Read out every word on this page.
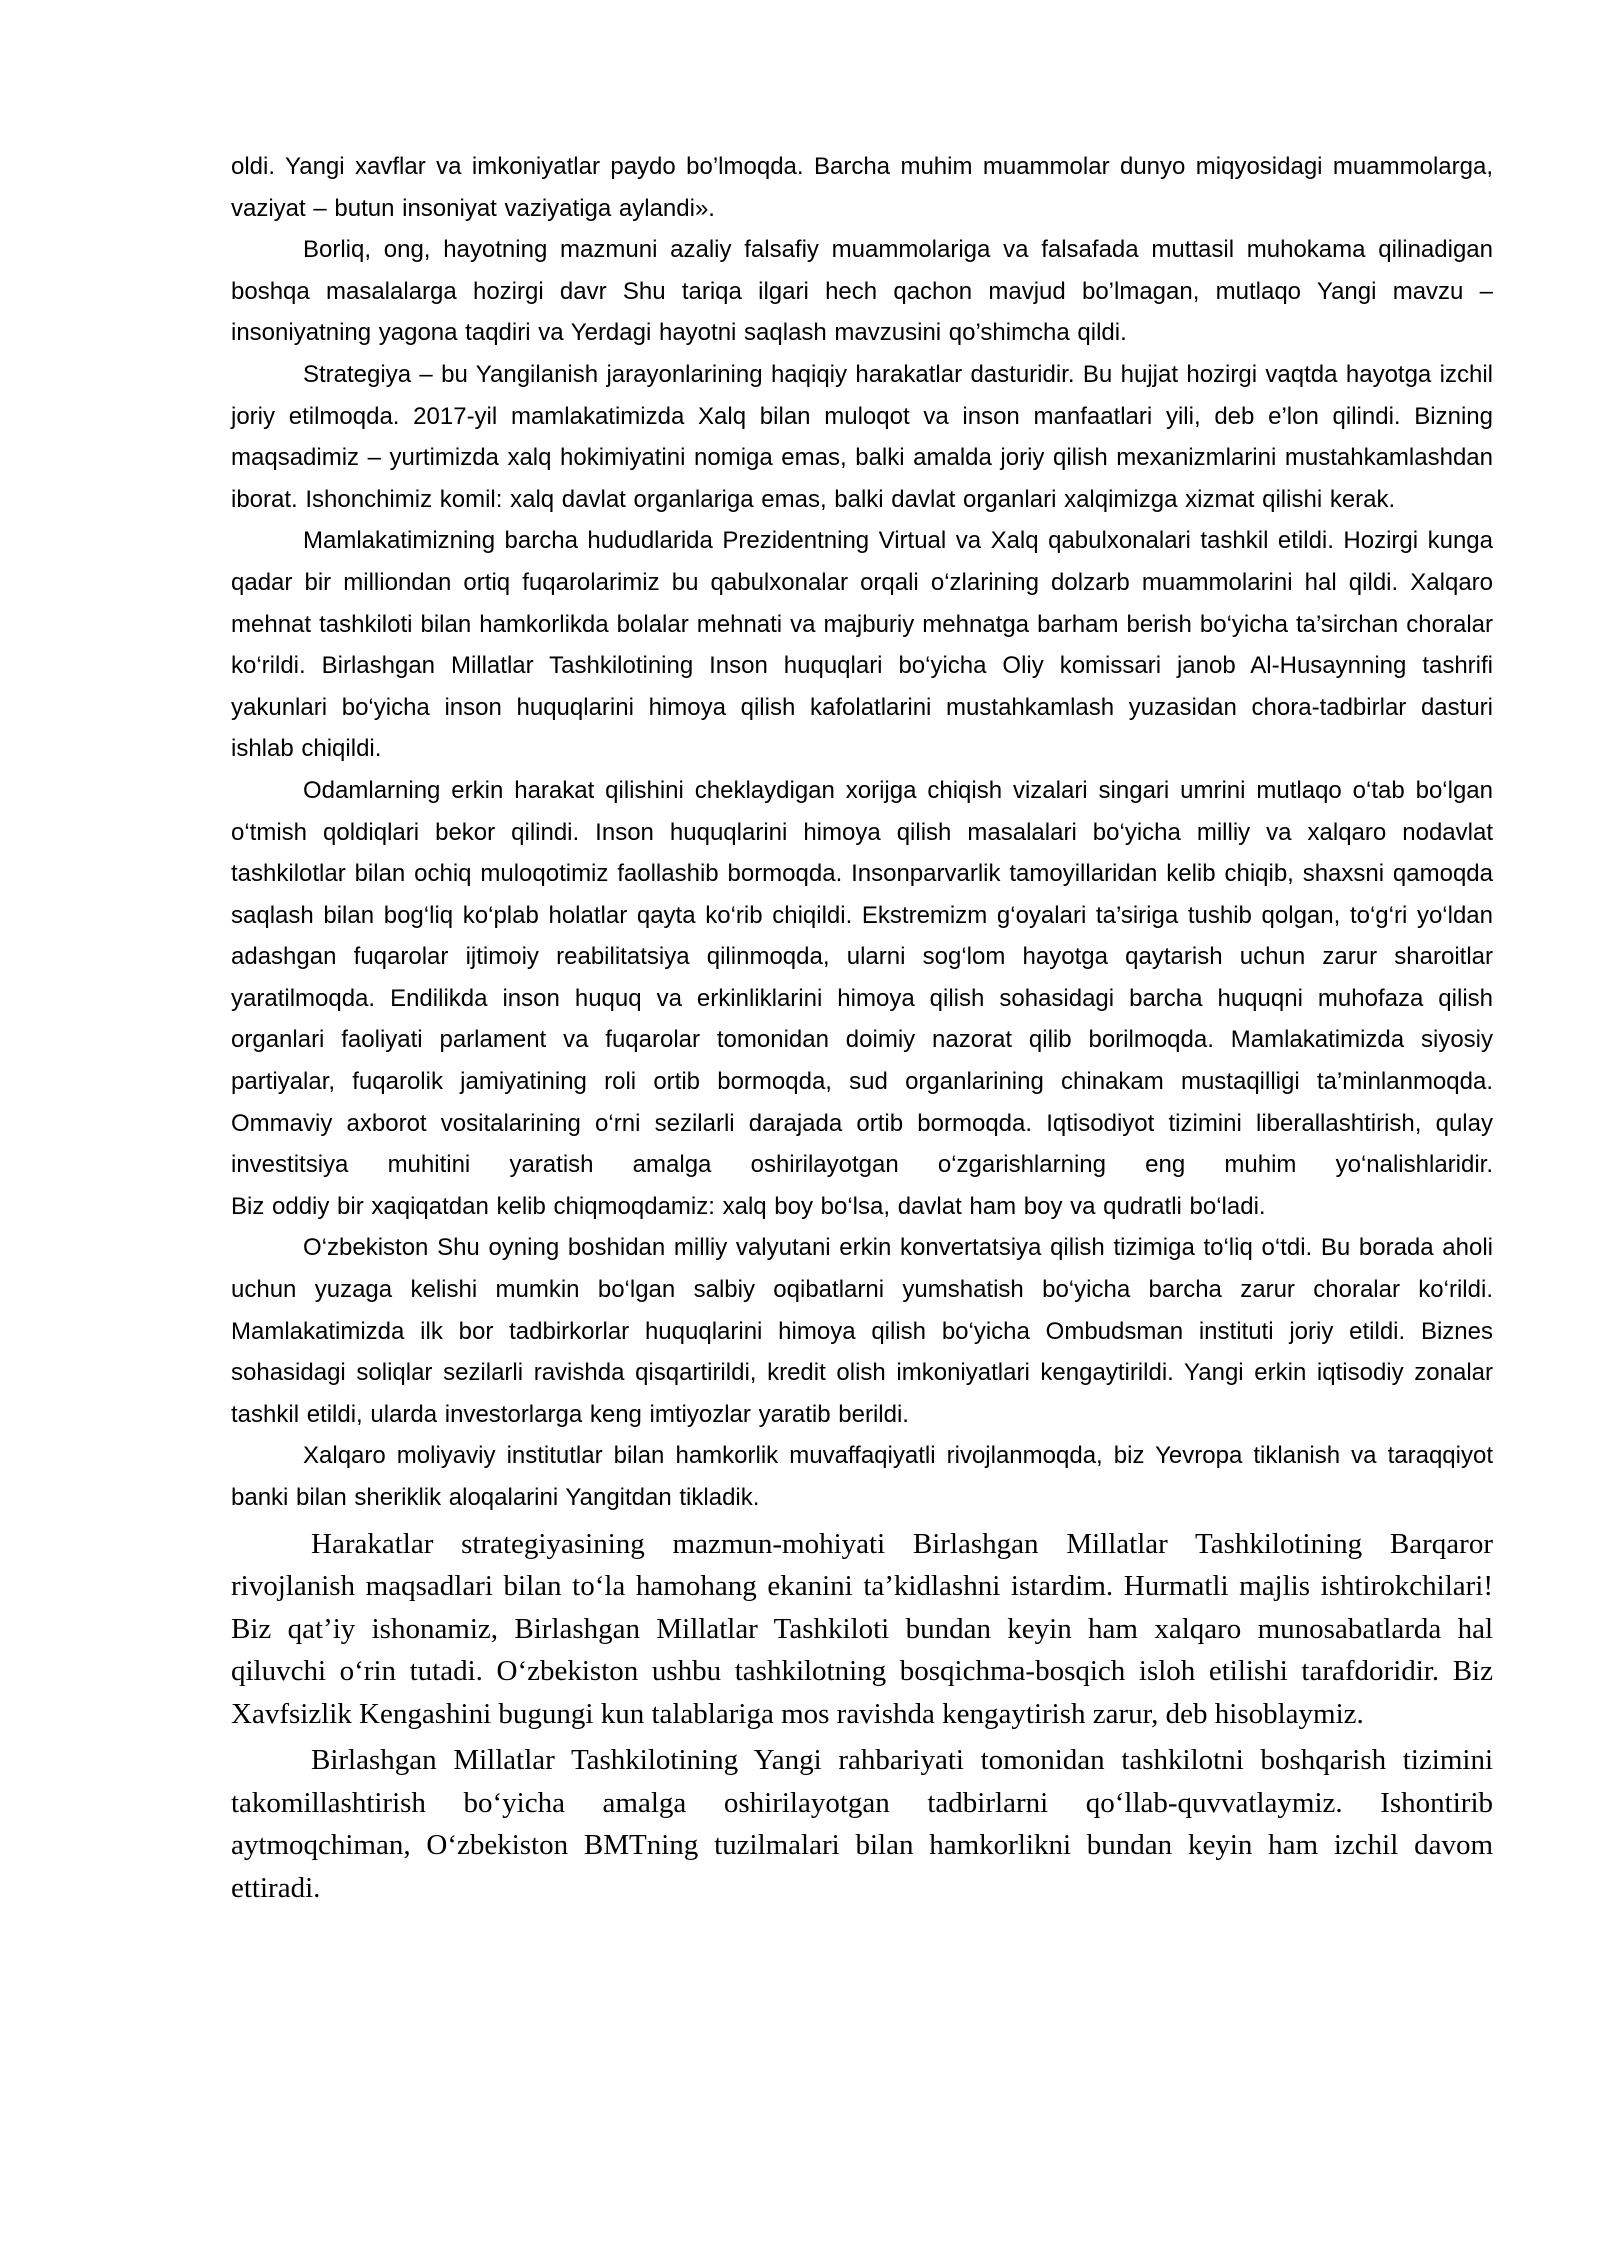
oldi. Yangi xavflar va imkoniyatlar paydo bo’lmoqda. Barcha muhim muammolar dunyo miqyosidagi muammolarga, vaziyat – butun insoniyat vaziyatiga aylandi».

Borliq, ong, hayotning mazmuni azaliy falsafiy muammolariga va falsafada muttasil muhokama qilinadigan boshqa masalalarga hozirgi davr Shu tariqa ilgari hech qachon mavjud bo’lmagan, mutlaqo Yangi mavzu – insoniyatning yagona taqdiri va Yerdagi hayotni saqlash mavzusini qo’shimcha qildi.

Strategiya – bu Yangilanish jarayonlarining haqiqiy harakatlar dasturidir. Bu hujjat hozirgi vaqtda hayotga izchil joriy etilmoqda. 2017-yil mamlakatimizda Xalq bilan muloqot va inson manfaatlari yili, deb e’lon qilindi. Bizning maqsadimiz – yurtimizda xalq hokimiyatini nomiga emas, balki amalda joriy qilish mexanizmlarini mustahkamlashdan iborat. Ishonchimiz komil: xalq davlat organlariga emas, balki davlat organlari xalqimizga xizmat qilishi kerak.

Mamlakatimizning barcha hududlarida Prezidentning Virtual va Xalq qabulxonalari tashkil etildi. Hozirgi kunga qadar bir milliondan ortiq fuqarolarimiz bu qabulxonalar orqali o‘zlarining dolzarb muammolarini hal qildi. Xalqaro mehnat tashkiloti bilan hamkorlikda bolalar mehnati va majburiy mehnatga barham berish bo‘yicha ta’sirchan choralar ko‘rildi. Birlashgan Millatlar Tashkilotining Inson huquqlari bo‘yicha Oliy komissari janob Al-Husaynning tashrifi yakunlari bo‘yicha inson huquqlarini himoya qilish kafolatlarini mustahkamlash yuzasidan chora-tadbirlar dasturi ishlab chiqildi.

Odamlarning erkin harakat qilishini cheklaydigan xorijga chiqish vizalari singari umrini mutlaqo o‘tab bo‘lgan o‘tmish qoldiqlari bekor qilindi. Inson huquqlarini himoya qilish masalalari bo‘yicha milliy va xalqaro nodavlat tashkilotlar bilan ochiq muloqotimiz faollashib bormoqda. Insonparvarlik tamoyillaridan kelib chiqib, shaxsni qamoqda saqlash bilan bog‘liq ko‘plab holatlar qayta ko‘rib chiqildi. Ekstremizm g‘oyalari ta’siriga tushib qolgan, to‘g‘ri yo‘ldan adashgan fuqarolar ijtimoiy reabilitatsiya qilinmoqda, ularni sog‘lom hayotga qaytarish uchun zarur sharoitlar yaratilmoqda. Endilikda inson huquq va erkinliklarini himoya qilish sohasidagi barcha huquqni muhofaza qilish organlari faoliyati parlament va fuqarolar tomonidan doimiy nazorat qilib borilmoqda. Mamlakatimizda siyosiy partiyalar, fuqarolik jamiyatining roli ortib bormoqda, sud organlarining chinakam mustaqilligi ta’minlanmoqda. Ommaviy axborot vositalarining o‘rni sezilarli darajada ortib bormoqda. Iqtisodiyot tizimini liberallashtirish, qulay investitsiya muhitini yaratish amalga oshirilayotgan o‘zgarishlarning eng muhim yo‘nalishlaridir.

Biz oddiy bir xaqiqatdan kelib chiqmoqdamiz: xalq boy bo‘lsa, davlat ham boy va qudratli bo‘ladi.

O‘zbekiston Shu oyning boshidan milliy valyutani erkin konvertatsiya qilish tizimiga to‘liq o‘tdi. Bu borada aholi uchun yuzaga kelishi mumkin bo‘lgan salbiy oqibatlarni yumshatish bo‘yicha barcha zarur choralar ko‘rildi. Mamlakatimizda ilk bor tadbirkorlar huquqlarini himoya qilish bo‘yicha Ombudsman instituti joriy etildi. Biznes sohasidagi soliqlar sezilarli ravishda qisqartirildi, kredit olish imkoniyatlari kengaytirildi. Yangi erkin iqtisodiy zonalar tashkil etildi, ularda investorlarga keng imtiyozlar yaratib berildi.

Xalqaro moliyaviy institutlar bilan hamkorlik muvaffaqiyatli rivojlanmoqda, biz Yevropa tiklanish va taraqqiyot banki bilan sheriklik aloqalarini Yangitdan tikladik.

Harakatlar strategiyasining mazmun-mohiyati Birlashgan Millatlar Tashkilotining Barqaror rivojlanish maqsadlari bilan to‘la hamohang ekanini ta’kidlashni istardim. Hurmatli majlis ishtirokchilari! Biz qat’iy ishonamiz, Birlashgan Millatlar Tashkiloti bundan keyin ham xalqaro munosabatlarda hal qiluvchi o‘rin tutadi. O‘zbekiston ushbu tashkilotning bosqichma-bosqich isloh etilishi tarafdoridir. Biz Xavfsizlik Kengashini bugungi kun talablariga mos ravishda kengaytirish zarur, deb hisoblaymiz.

Birlashgan Millatlar Tashkilotining Yangi rahbariyati tomonidan tashkilotni boshqarish tizimini takomillashtirish bo‘yicha amalga oshirilayotgan tadbirlarni qo‘llab-quvvatlaymiz. Ishontirib aytmoqchiman, O‘zbekiston BMTning tuzilmalari bilan hamkorlikni bundan keyin ham izchil davom ettiradi.
